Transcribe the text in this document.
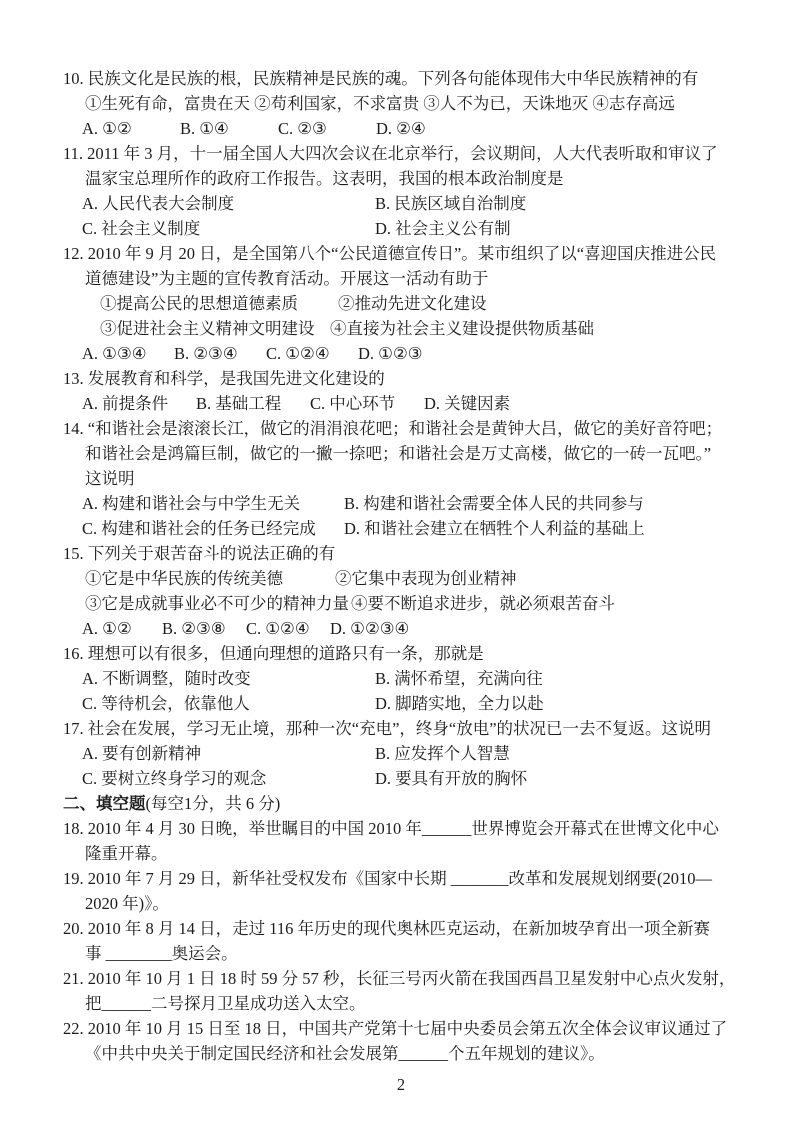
10. 民族文化是民族的根，民族精神是民族的魂。下列各句能体现伟大中华民族精神的有
①生死有命，富贵在天 ②苟利国家，不求富贵 ③人不为已，天诛地灭 ④志存高远
A. ①②	B. ①④	C. ②③	D. ②④
11. 2011 年 3 月，十一届全国人大四次会议在北京举行，会议期间，人大代表听取和审议了
温家宝总理所作的政府工作报告。这表明，我国的根本政治制度是
A. 人民代表大会制度	B. 民族区域自治制度
C. 社会主义制度	D. 社会主义公有制
12. 2010 年 9 月 20 日，是全国第八个“公民道德宣传日”。某市组织了以“喜迎国庆推进公民
道德建设”为主题的宣传教育活动。开展这一活动有助于
①提高公民的思想道德素质 ②推动先进文化建设
③促进社会主义精神文明建设 ④直接为社会主义建设提供物质基础
A. ①③④ B. ②③④ C. ①②④ D. ①②③
13. 发展教育和科学，是我国先进文化建设的
A. 前提条件 B. 基础工程 C. 中心环节 D. 关键因素
14. “和谐社会是滚滚长江，做它的涓涓浪花吧；和谐社会是黄钟大吕，做它的美好音符吧；
和谐社会是鸿篇巨制，做它的一撇一捺吧；和谐社会是万丈高楼，做它的一砖一瓦吧。”
这说明
A. 构建和谐社会与中学生无关	B. 构建和谐社会需要全体人民的共同参与
C. 构建和谐社会的任务已经完成 D. 和谐社会建立在牺牲个人利益的基础上
15. 下列关于艰苦奋斗的说法正确的有
①它是中华民族的传统美德	②它集中表现为创业精神
③它是成就事业必不可少的精神力量 ④要不断追求进步，就必须艰苦奋斗
A. ①② B. ②③⑧ C. ①②④ D. ①②③④
16. 理想可以有很多，但通向理想的道路只有一条，那就是
A. 不断调整，随时改变	B. 满怀希望，充满向往
C. 等待机会，依靠他人	D. 脚踏实地，全力以赴
17. 社会在发展，学习无止境，那种一次“充电”，终身“放电”的状况已一去不复返。这说明
A. 要有创新精神	B. 应发挥个人智慧
C. 要树立终身学习的观念	D. 要具有开放的胸怀
二、填空题(每空1分，共 6 分)
18. 2010 年 4 月 30 日晚，举世瞩目的中国 2010 年______世界博览会开幕式在世博文化中心
隆重开幕。
19. 2010 年 7 月 29 日，新华社受权发布《国家中长期 _______改革和发展规划纲要(2010—
2020 年)》。
20. 2010 年 8 月 14 日，走过 116 年历史的现代奥林匹克运动，在新加坡孕育出一项全新赛
事 ________奥运会。
21. 2010 年 10 月 1 日 18 时 59 分 57 秒，长征三号丙火箭在我国西昌卫星发射中心点火发射，
把______二号探月卫星成功送入太空。
22. 2010 年 10 月 15 日至 18 日，中国共产党第十七届中央委员会第五次全体会议审议通过了
《中共中央关于制定国民经济和社会发展第______个五年规划的建议》。
2
